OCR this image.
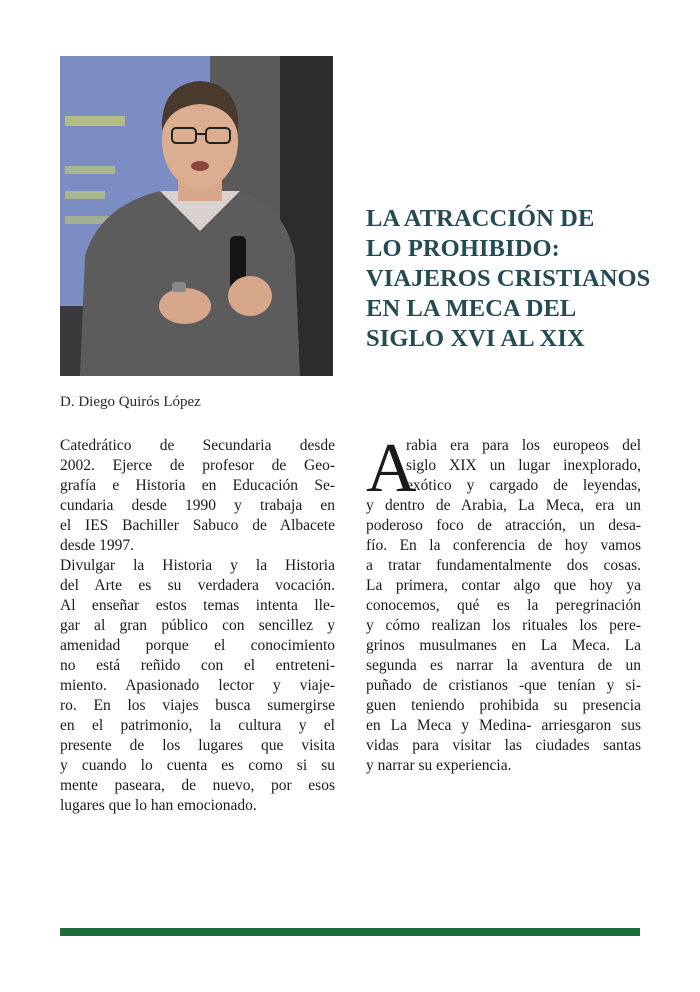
D. Diego Quirós López
LA ATRACCIÓN DE
LO PROHIBIDO:
VIAJEROS CRISTIANOS
EN LA MECA DEL
SIGLO XVI AL XIX
Catedrático de Secundaria desde
2002. Ejerce de profesor de Geo-
grafía e Historia en Educación Se-
cundaria desde 1990 y trabaja en
el IES Bachiller Sabuco de Albacete
desde 1997.
Divulgar la Historia y la Historia
del Arte es su verdadera vocación.
Al enseñar estos temas intenta lle-
gar al gran público con sencillez y
amenidad porque el conocimiento
no está reñido con el entreteni-
miento. Apasionado lector y viaje-
ro. En los viajes busca sumergirse
en el patrimonio, la cultura y el
presente de los lugares que visita
y cuando lo cuenta es como si su
mente paseara, de nuevo, por esos
lugares que lo han emocionado.
A
rabia era para los europeos del
siglo XIX un lugar inexplorado,
exótico y cargado de leyendas,
y dentro de Arabia, La Meca, era un
poderoso foco de atracción, un desa-
fío. En la conferencia de hoy vamos
a tratar fundamentalmente dos cosas.
La primera, contar algo que hoy ya
conocemos, qué es la peregrinación
y cómo realizan los rituales los pere-
grinos musulmanes en La Meca. La
segunda es narrar la aventura de un
puñado de cristianos -que tenían y si-
guen teniendo prohibida su presencia
en La Meca y Medina- arriesgaron sus
vidas para visitar las ciudades santas
y narrar su experiencia.
